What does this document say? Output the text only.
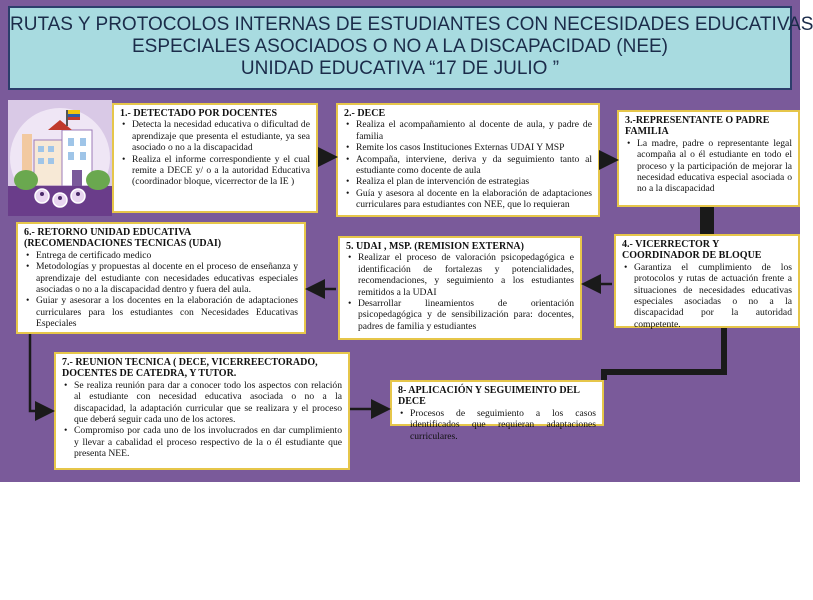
RUTAS Y PROTOCOLOS INTERNAS DE ESTUDIANTES CON NECESIDADES EDUCATIVAS
ESPECIALES ASOCIADOS O NO A LA DISCAPACIDAD (NEE)
UNIDAD EDUCATIVA “17 DE JULIO ”
1.- DETECTADO POR DOCENTES
• Detecta la necesidad educativa o dificultad de aprendizaje que presenta el estudiante, ya sea asociado o no a la discapacidad
• Realiza el informe correspondiente y el cual remite a DECE y/ o a la autoridad Educativa (coordinador bloque, vicerrector de la IE )
2.- DECE
• Realiza el acompañamiento al docente de aula, y padre de familia
• Remite los casos Instituciones Externas UDAI Y MSP
• Acompaña, interviene, deriva y da seguimiento tanto al estudiante como docente de aula
• Realiza el plan de intervención de estrategias
• Guía y asesora al docente en la elaboración de adaptaciones curriculares para estudiantes con NEE, que lo requieran
3.-REPRESENTANTE O PADRE FAMILIA
• La madre, padre o representante legal acompaña al o él estudiante en todo el proceso y la participación de mejorar la necesidad educativa especial asociada o no a la discapacidad
6.- RETORNO UNIDAD EDUCATIVA (RECOMENDACIONES TECNICAS (UDAI)
• Entrega de certificado medico
• Metodologías y propuestas al docente en el proceso de enseñanza y aprendizaje del estudiante con necesidades educativas especiales asociadas o no a la discapacidad dentro y fuera del aula.
• Guiar y asesorar a los docentes en la elaboración de adaptaciones curriculares para los estudiantes con Necesidades Educativas Especiales
5. UDAI , MSP. (REMISION EXTERNA)
• Realizar el proceso de valoración psicopedagógica e identificación de fortalezas y potencialidades, recomendaciones, y seguimiento a los estudiantes remitidos a la UDAI
• Desarrollar lineamientos de orientación psicopedagógica y de sensibilización para: docentes, padres de familia y estudiantes
4.- VICERRECTOR Y COORDINADOR DE BLOQUE
• Garantiza el cumplimiento de los protocolos y rutas de actuación frente a situaciones de necesidades educativas especiales asociadas o no a la discapacidad por la autoridad competente.
7.- REUNION TECNICA ( DECE, VICERREECTORADO, DOCENTES DE CATEDRA, Y TUTOR.
• Se realiza reunión para dar a conocer todo los aspectos con relación al estudiante con necesidad educativa asociada o no a la discapacidad, la adaptación curricular que se realizara y el proceso que deberá seguir cada uno de los actores.
• Compromiso por cada uno de los involucrados en dar cumplimiento y llevar a cabalidad el proceso respectivo de la o él estudiante que presenta NEE.
8- APLICACIÓN Y SEGUIMEINTO DEL DECE
• Procesos de seguimiento a los casos identificados que requieran adaptaciones curriculares.
